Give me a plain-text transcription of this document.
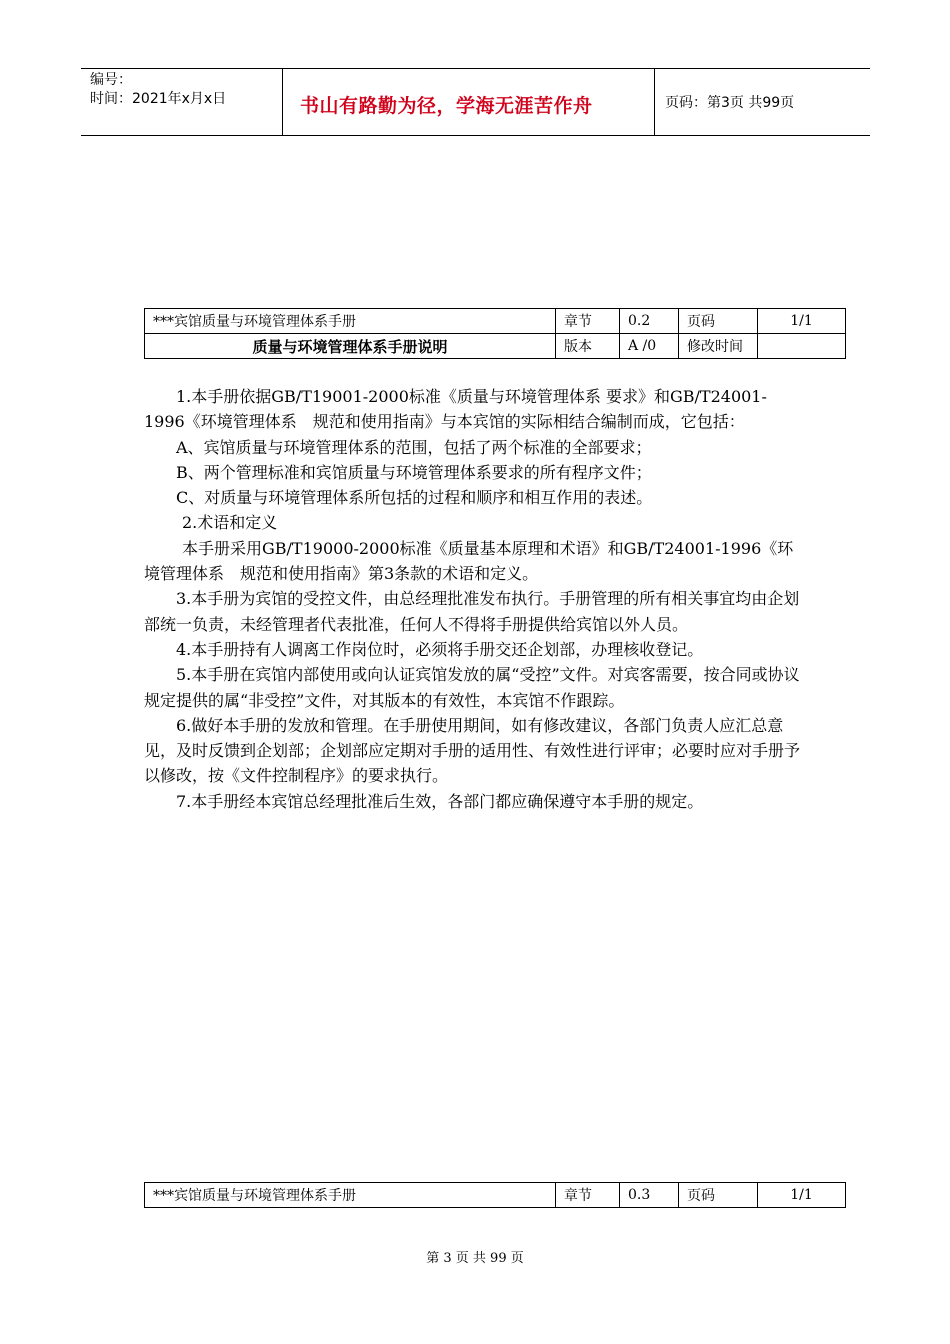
编号：
时间：2021年x月x日	书山有路勤为径，学海无涯苦作舟	页码：第3页 共99页
***宾馆质量与环境管理体系手册	章节	0.2	页码	1/1
质量与环境管理体系手册说明	版本	A /0	修改时间	

1.本手册依据GB/T19001-2000标准《质量与环境管理体系 要求》和GB/T24001-1996《环境管理体系　规范和使用指南》与本宾馆的实际相结合编制而成，它包括：

A、宾馆质量与环境管理体系的范围，包括了两个标准的全部要求；

B、两个管理标准和宾馆质量与环境管理体系要求的所有程序文件；

C、对质量与环境管理体系所包括的过程和顺序和相互作用的表述。

2.术语和定义

本手册采用GB/T19000-2000标准《质量基本原理和术语》和GB/T24001-1996《环境管理体系　规范和使用指南》第3条款的术语和定义。

3.本手册为宾馆的受控文件，由总经理批准发布执行。手册管理的所有相关事宜均由企划部统一负责，未经管理者代表批准，任何人不得将手册提供给宾馆以外人员。

4.本手册持有人调离工作岗位时，必须将手册交还企划部，办理核收登记。

5.本手册在宾馆内部使用或向认证宾馆发放的属“受控”文件。对宾客需要，按合同或协议规定提供的属“非受控”文件，对其版本的有效性，本宾馆不作跟踪。

6.做好本手册的发放和管理。在手册使用期间，如有修改建议，各部门负责人应汇总意见，及时反馈到企划部；企划部应定期对手册的适用性、有效性进行评审；必要时应对手册予以修改，按《文件控制程序》的要求执行。

7.本手册经本宾馆总经理批准后生效，各部门都应确保遵守本手册的规定。

***宾馆质量与环境管理体系手册	章节	0.3	页码	1/1
第 3 页 共 99 页
